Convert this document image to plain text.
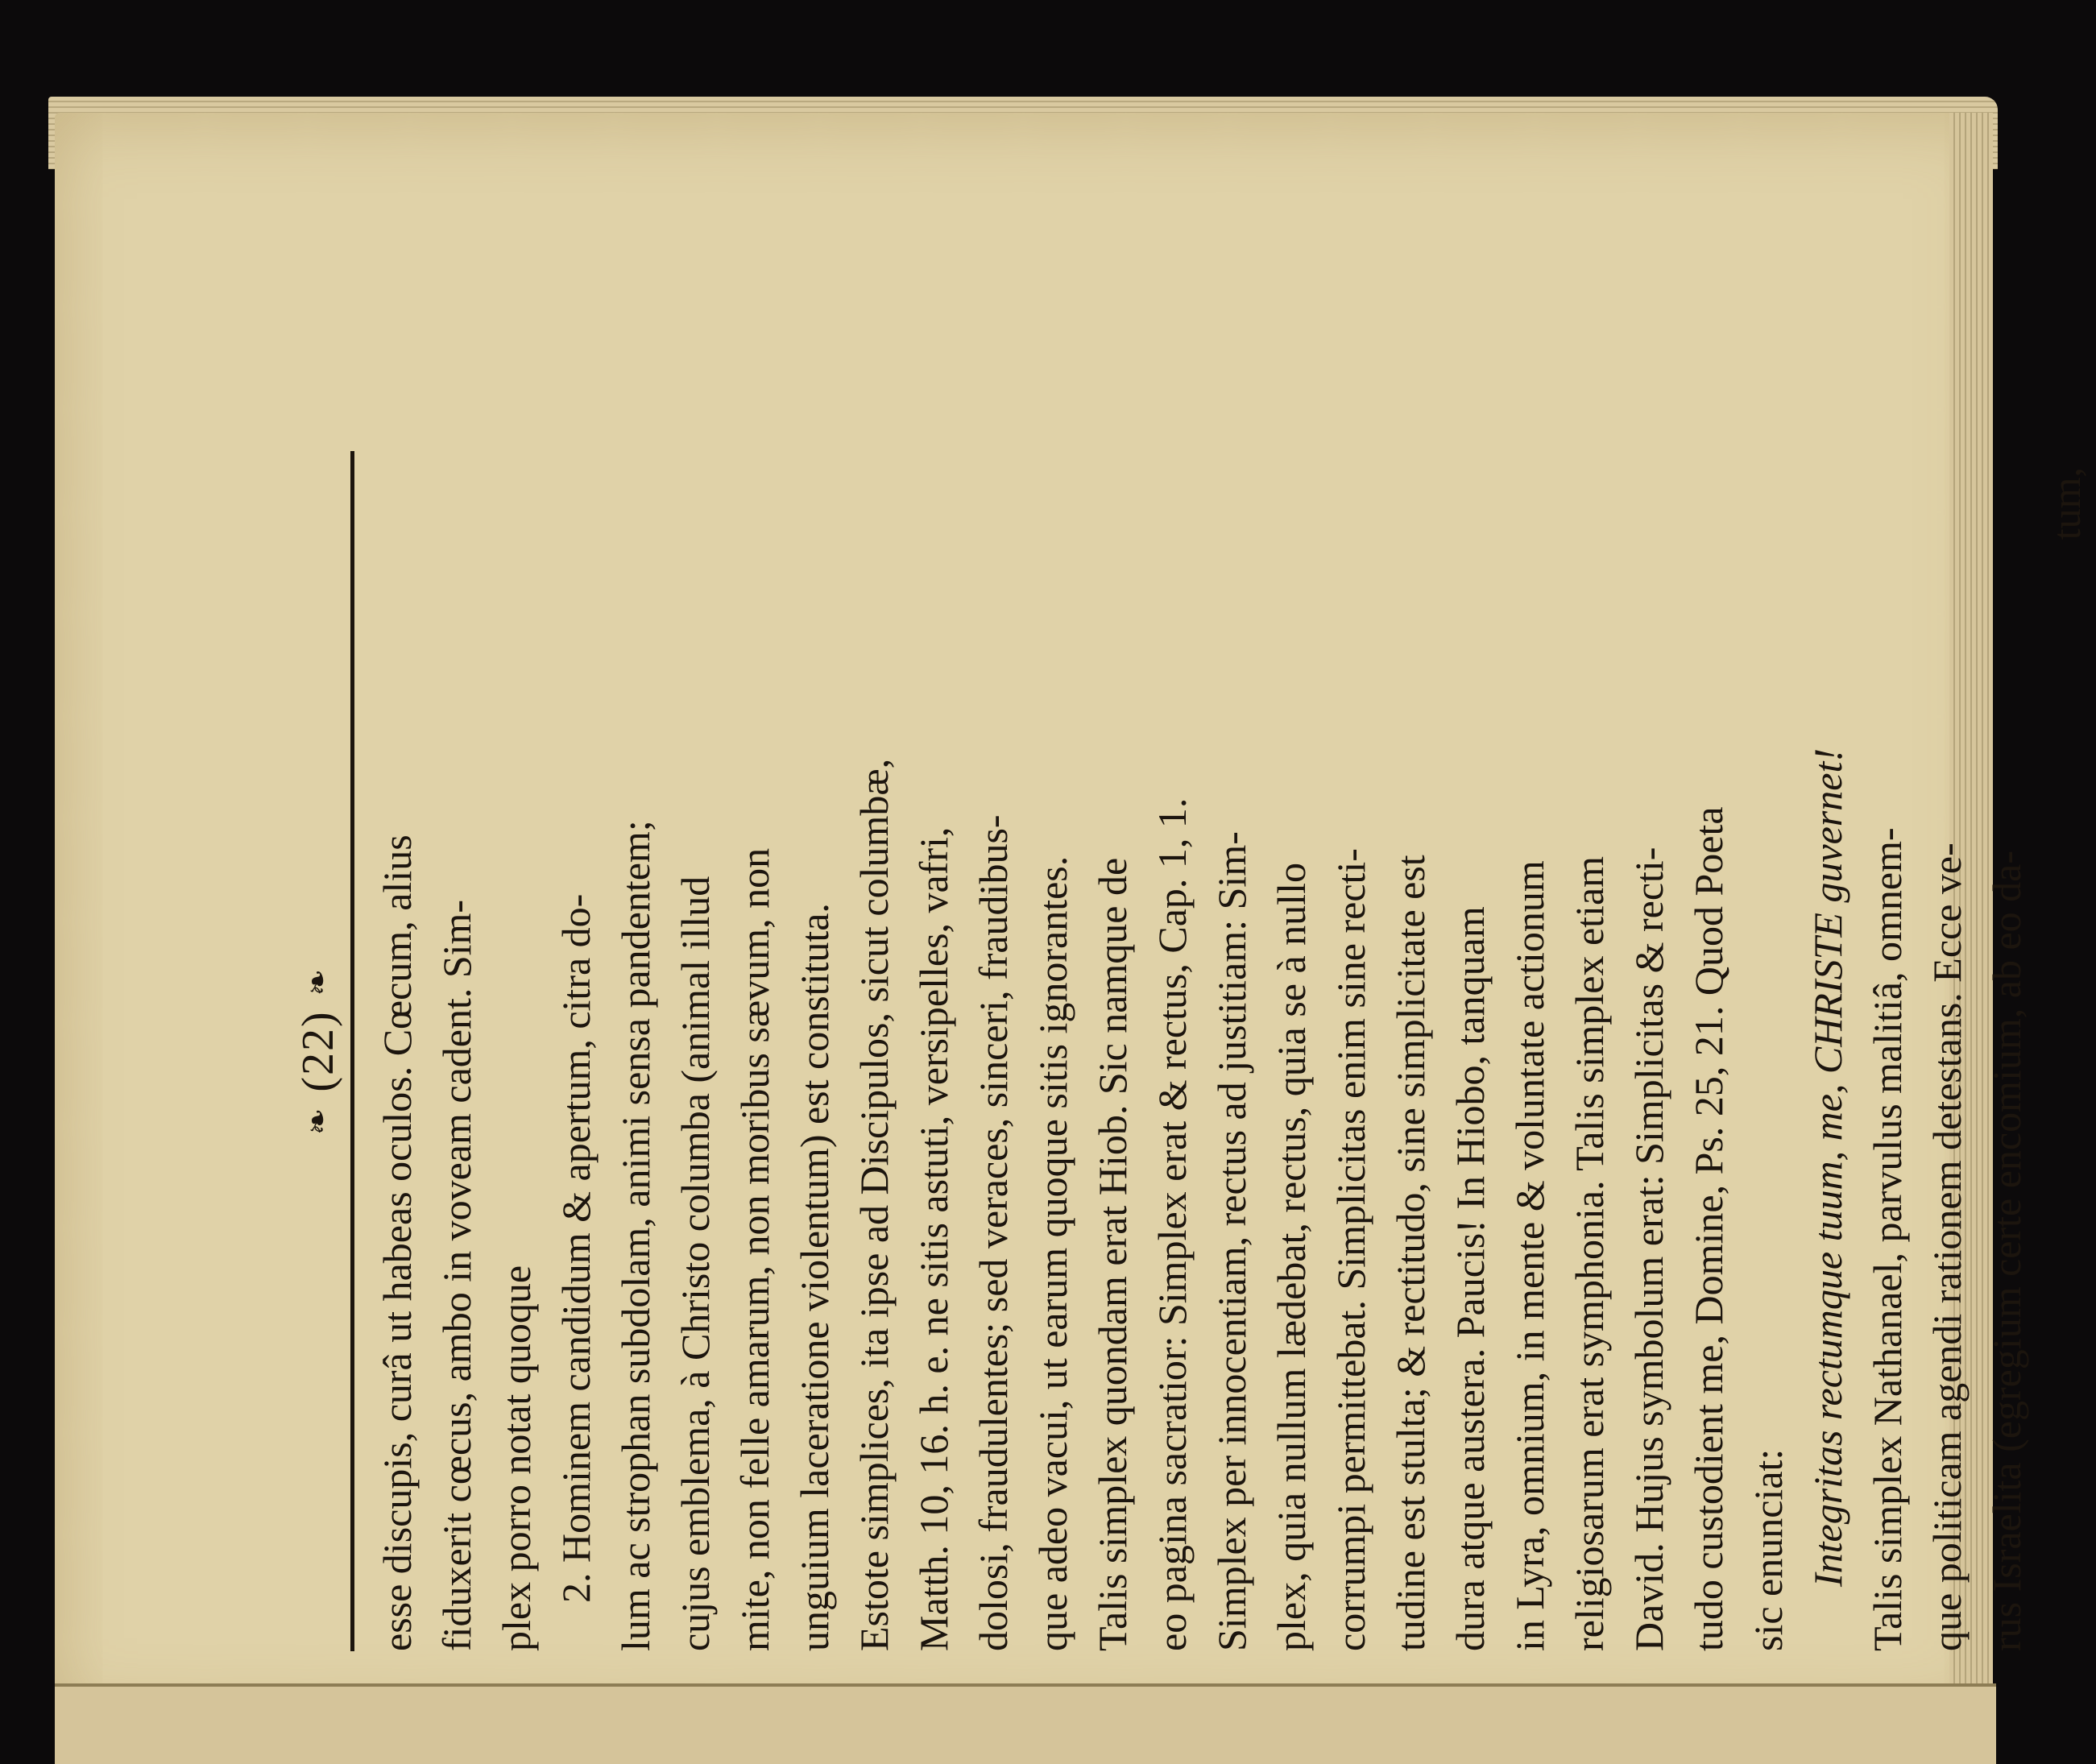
❧
(22)
❧ esse discupis, curâ ut habeas oculos. Cœcum, alius fiduxerit cœcus, ambo in voveam cadent. Sim- plex porro notat quoque 2. Hominem candidum & apertum, citra do- lum ac strophan subdolam, animi sensa pandentem; cujus emblema, à Christo columba (animal illud mite, non felle amarum, non moribus sævum, non unguium laceratione violentum) est constituta. Estote simplices, ita ipse ad Discipulos, sicut columbæ, Matth. 10, 16. h. e. ne sitis astuti, versipelles, vafri, dolosi, fraudulentes; sed veraces, sinceri, fraudibus- que adeo vacui, ut earum quoque sitis ignorantes. Talis simplex quondam erat Hiob. Sic namque de eo pagina sacratior: Simplex erat & rectus, Cap. 1, 1. Simplex per innocentiam, rectus ad justitiam: Sim- plex, quia nullum lædebat, rectus, quia se à nullo corrumpi permittebat. Simplicitas enim sine recti- tudine est stulta; & rectitudo, sine simplicitate est dura atque austera. Paucis! In Hiobo, tanquam in Lyra, omnium, in mente & voluntate actionum religiosarum erat symphonia. Talis simplex etiam David. Hujus symbolum erat: Simplicitas & recti- tudo custodient me, Domine, Ps. 25, 21. Quod Poeta sic enunciat: Integritas rectumque tuum, me, CHRISTE guvernet! Talis simplex Nathanael, parvulus malitiâ, omnem- que politicam agendi rationem detestans. Ecce ve- rus Israelita (egregium certe encomium, ab eo da-
tum,
